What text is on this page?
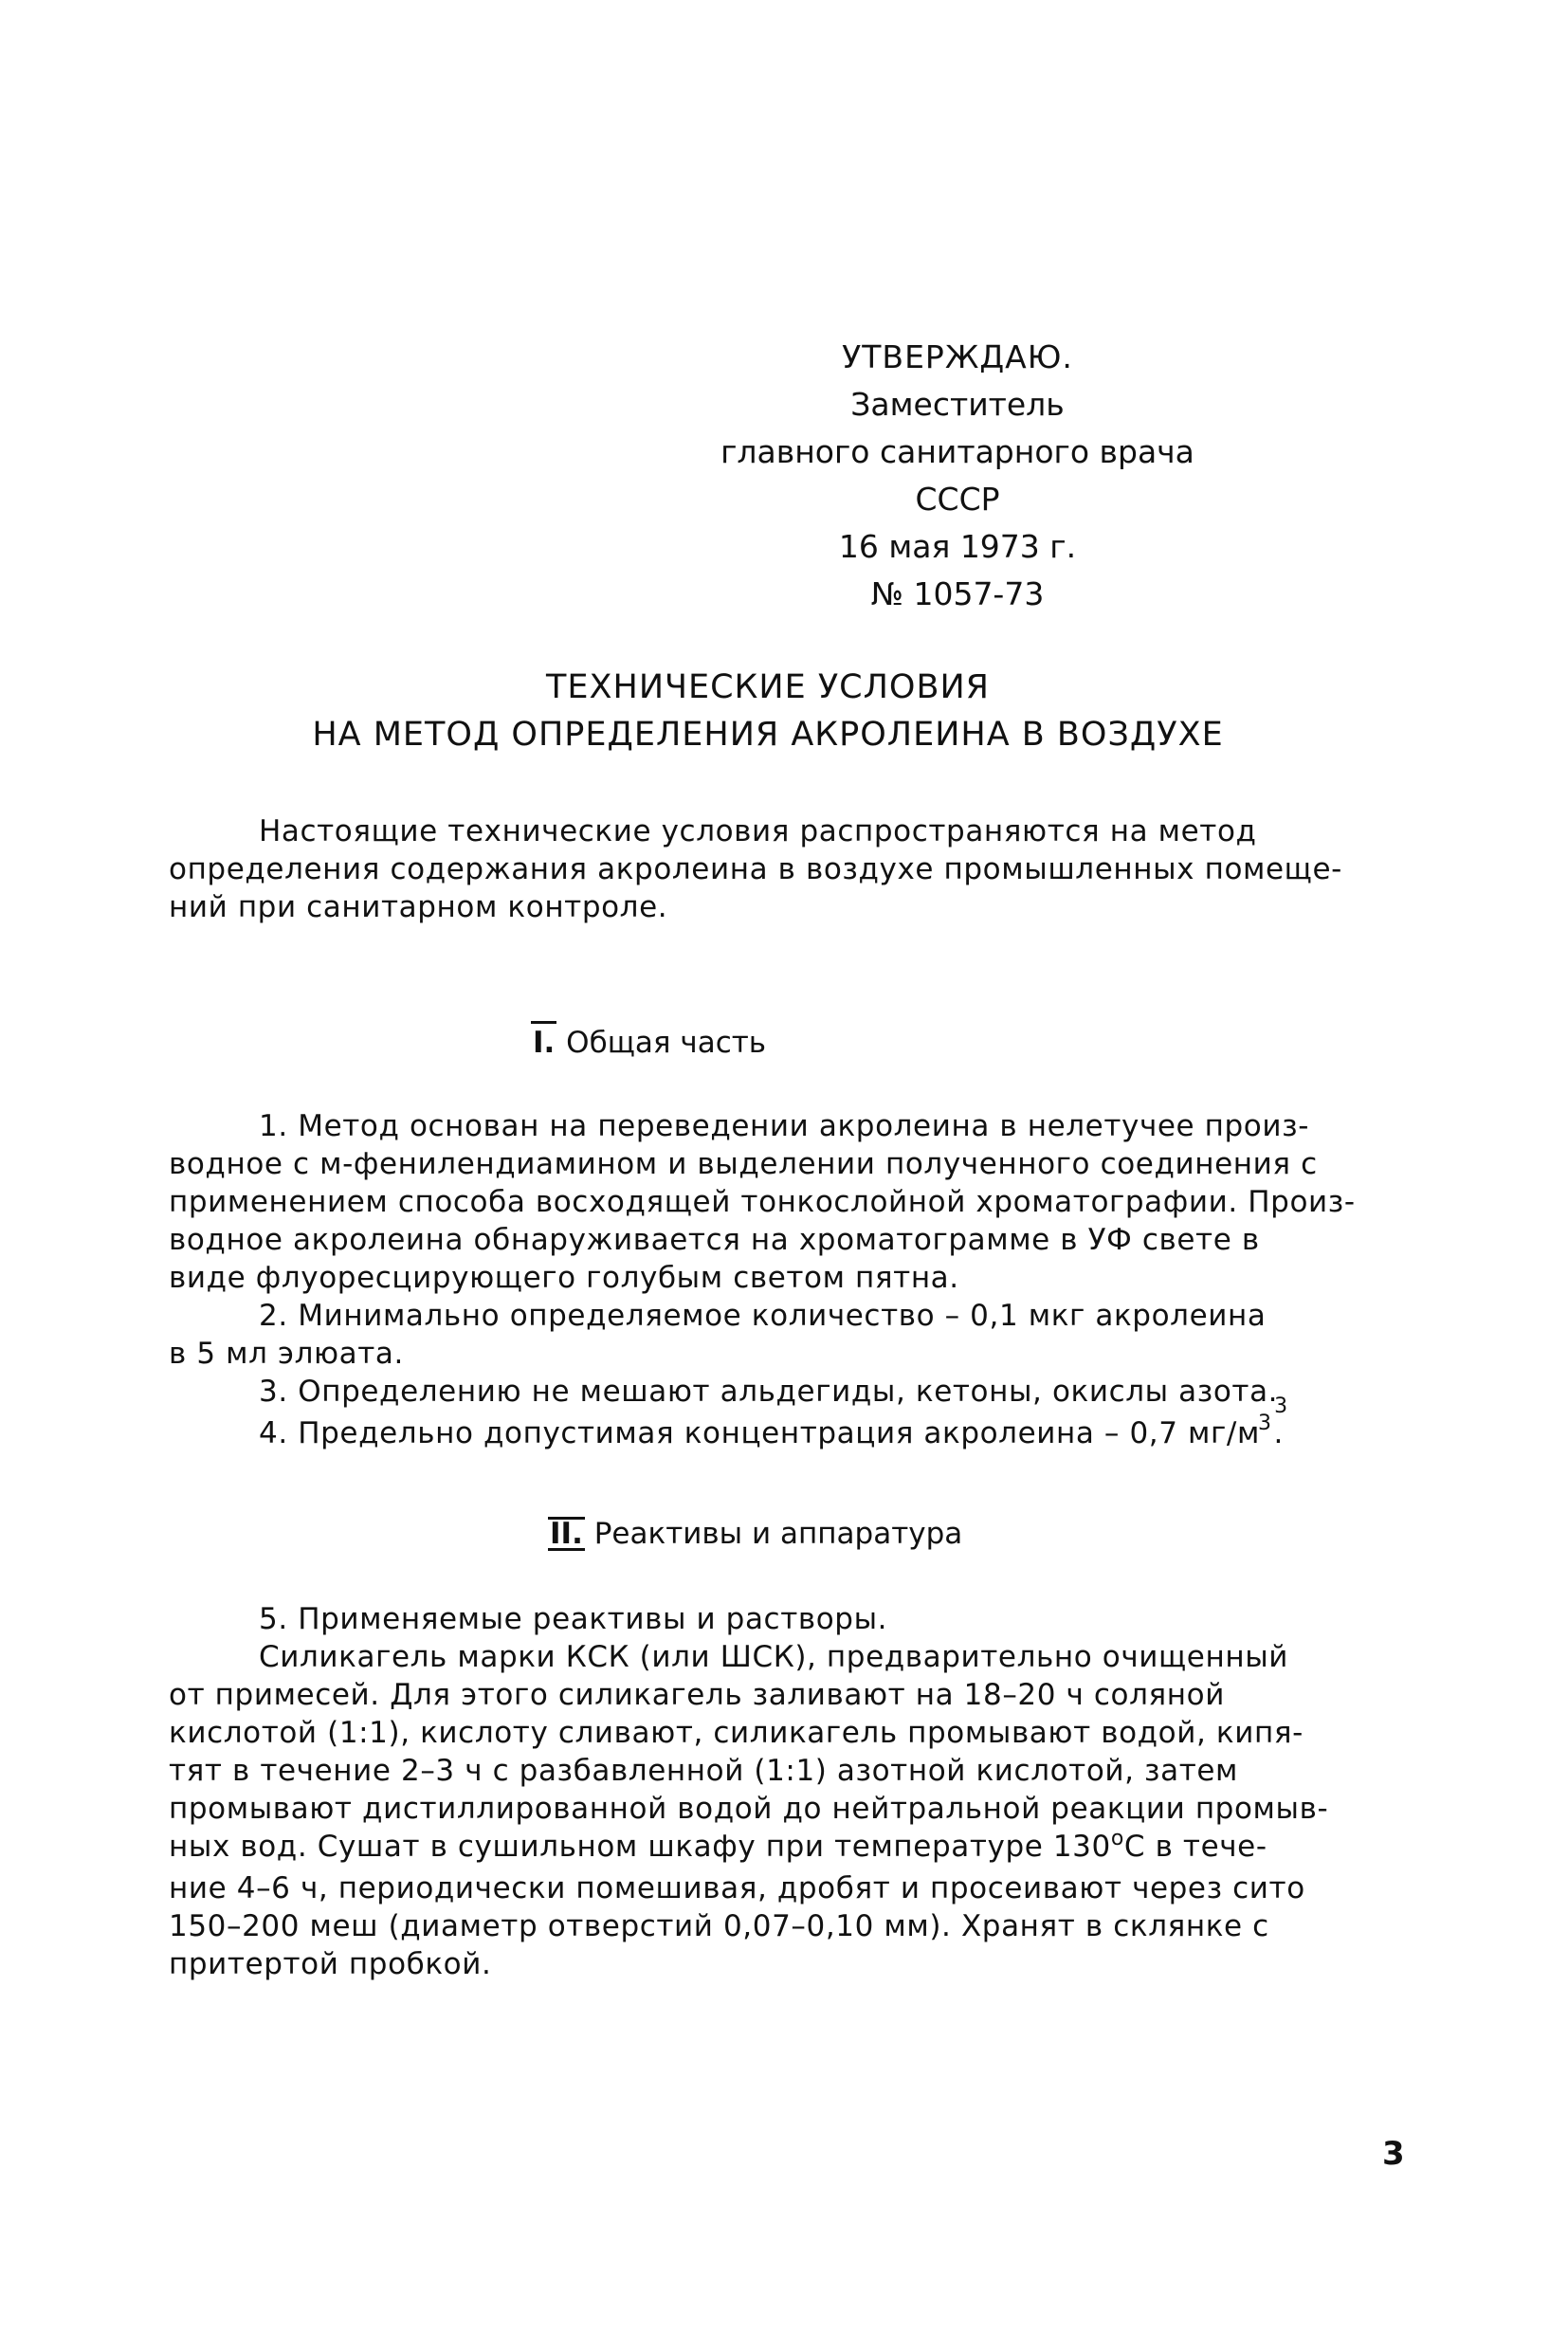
УТВЕРЖДАЮ.
Заместитель
главного санитарного врача
СССР
16 мая 1973 г.
№ 1057-73
ТЕХНИЧЕСКИЕ УСЛОВИЯ
НА МЕТОД ОПРЕДЕЛЕНИЯ АКРОЛЕИНА В ВОЗДУХЕ
Настоящие технические условия распространяются на метод
определения содержания акролеина в воздухе промышленных помеще-
ний при санитарном контроле.
I. Общая часть
1. Метод основан на переведении акролеина в нелетучее произ-
водное с м-фенилендиамином и выделении полученного соединения с
применением способа восходящей тонкослойной хроматографии. Произ-
водное акролеина обнаруживается на хроматограмме в УФ свете в
виде флуоресцирующего голубым светом пятна.
2. Минимально определяемое количество – 0,1 мкг акролеина
в 5 мл элюата.
3. Определению не мешают альдегиды, кетоны, окислы $азота._3$
4. Предельно допустимая концентрация акролеина – 0,7 $мг/м^3$.
II. Реактивы и аппаратура
5. Применяемые реактивы и растворы.
Силикагель марки КСК (или ШСК), предварительно очищенный
от примесей. Для этого силикагель заливают на 18–20 ч соляной
кислотой (1:1), кислоту сливают, силикагель промывают водой, кипя-
тят в течение 2–3 ч с разбавленной (1:1) азотной кислотой, затем
промывают дистиллированной водой до нейтральной реакции промыв-
ных вод. Сушат в сушильном шкафу при температуре $130^оС$ в тече-
ние 4–6 ч, периодически помешивая, дробят и просеивают через сито
150–200 меш (диаметр отверстий 0,07–0,10 мм). Хранят в склянке с
притертой пробкой.
3
